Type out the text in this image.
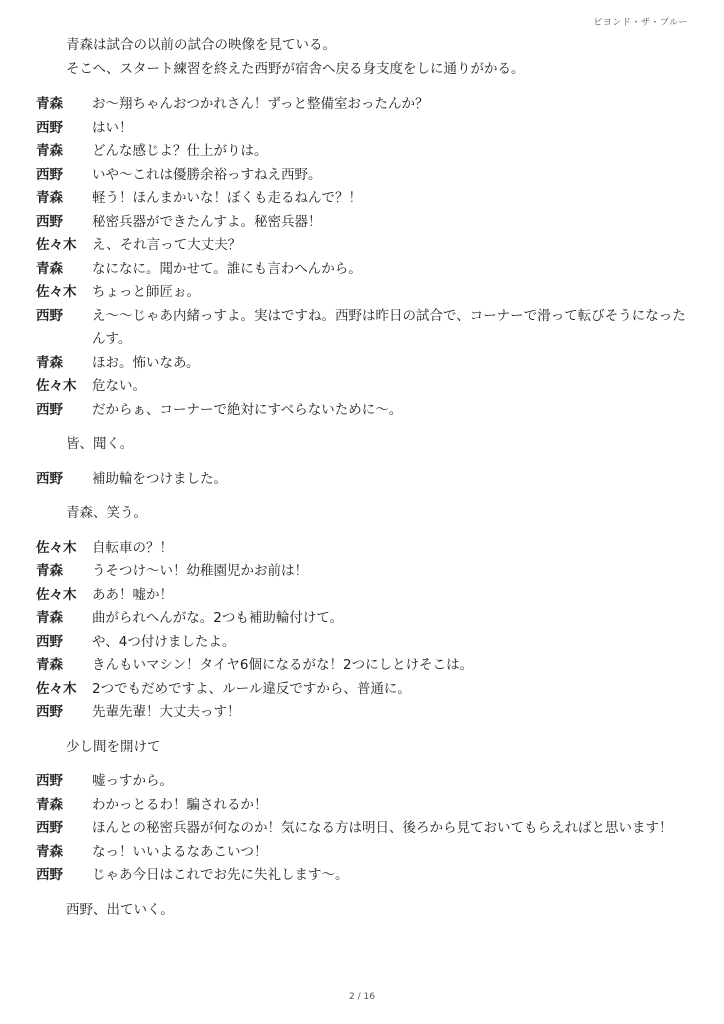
ビヨンド・ザ・ブルー

青森は試合の以前の試合の映像を見ている。

そこへ、スタート練習を終えた西野が宿舎へ戻る身支度をしに通りがかる。

青森	お〜翔ちゃんおつかれさん！ずっと整備室おったんか？
西野	はい！
青森	どんな感じよ？仕上がりは。
西野	いや〜これは優勝余裕っすねえ西野。
青森	軽う！ほんまかいな！ぼくも走るねんで？！
西野	秘密兵器ができたんすよ。秘密兵器！
佐々木	え、それ言って大丈夫？
青森	なになに。聞かせて。誰にも言わへんから。
佐々木	ちょっと師匠ぉ。
西野	え〜〜じゃあ内緒っすよ。実はですね。西野は昨日の試合で、コーナーで滑って転びそうになったんす。
青森	ほお。怖いなあ。
佐々木	危ない。
西野	だからぁ、コーナーで絶対にすべらないために〜。

皆、聞く。

西野	補助輪をつけました。

青森、笑う。

佐々木	自転車の？！
青森	うそつけ〜い！幼稚園児かお前は！
佐々木	ああ！嘘か！
青森	曲がられへんがな。2つも補助輪付けて。
西野	や、4つ付けましたよ。
青森	きんもいマシン！タイヤ6個になるがな！2つにしとけそこは。
佐々木	2つでもだめですよ、ルール違反ですから、普通に。
西野	先輩先輩！大丈夫っす！

少し間を開けて

西野	嘘っすから。
青森	わかっとるわ！騙されるか！
西野	ほんとの秘密兵器が何なのか！気になる方は明日、後ろから見ておいてもらえればと思います！
青森	なっ！いいよるなあこいつ！
西野	じゃあ今日はこれでお先に失礼します〜。

西野、出ていく。

2 / 16
